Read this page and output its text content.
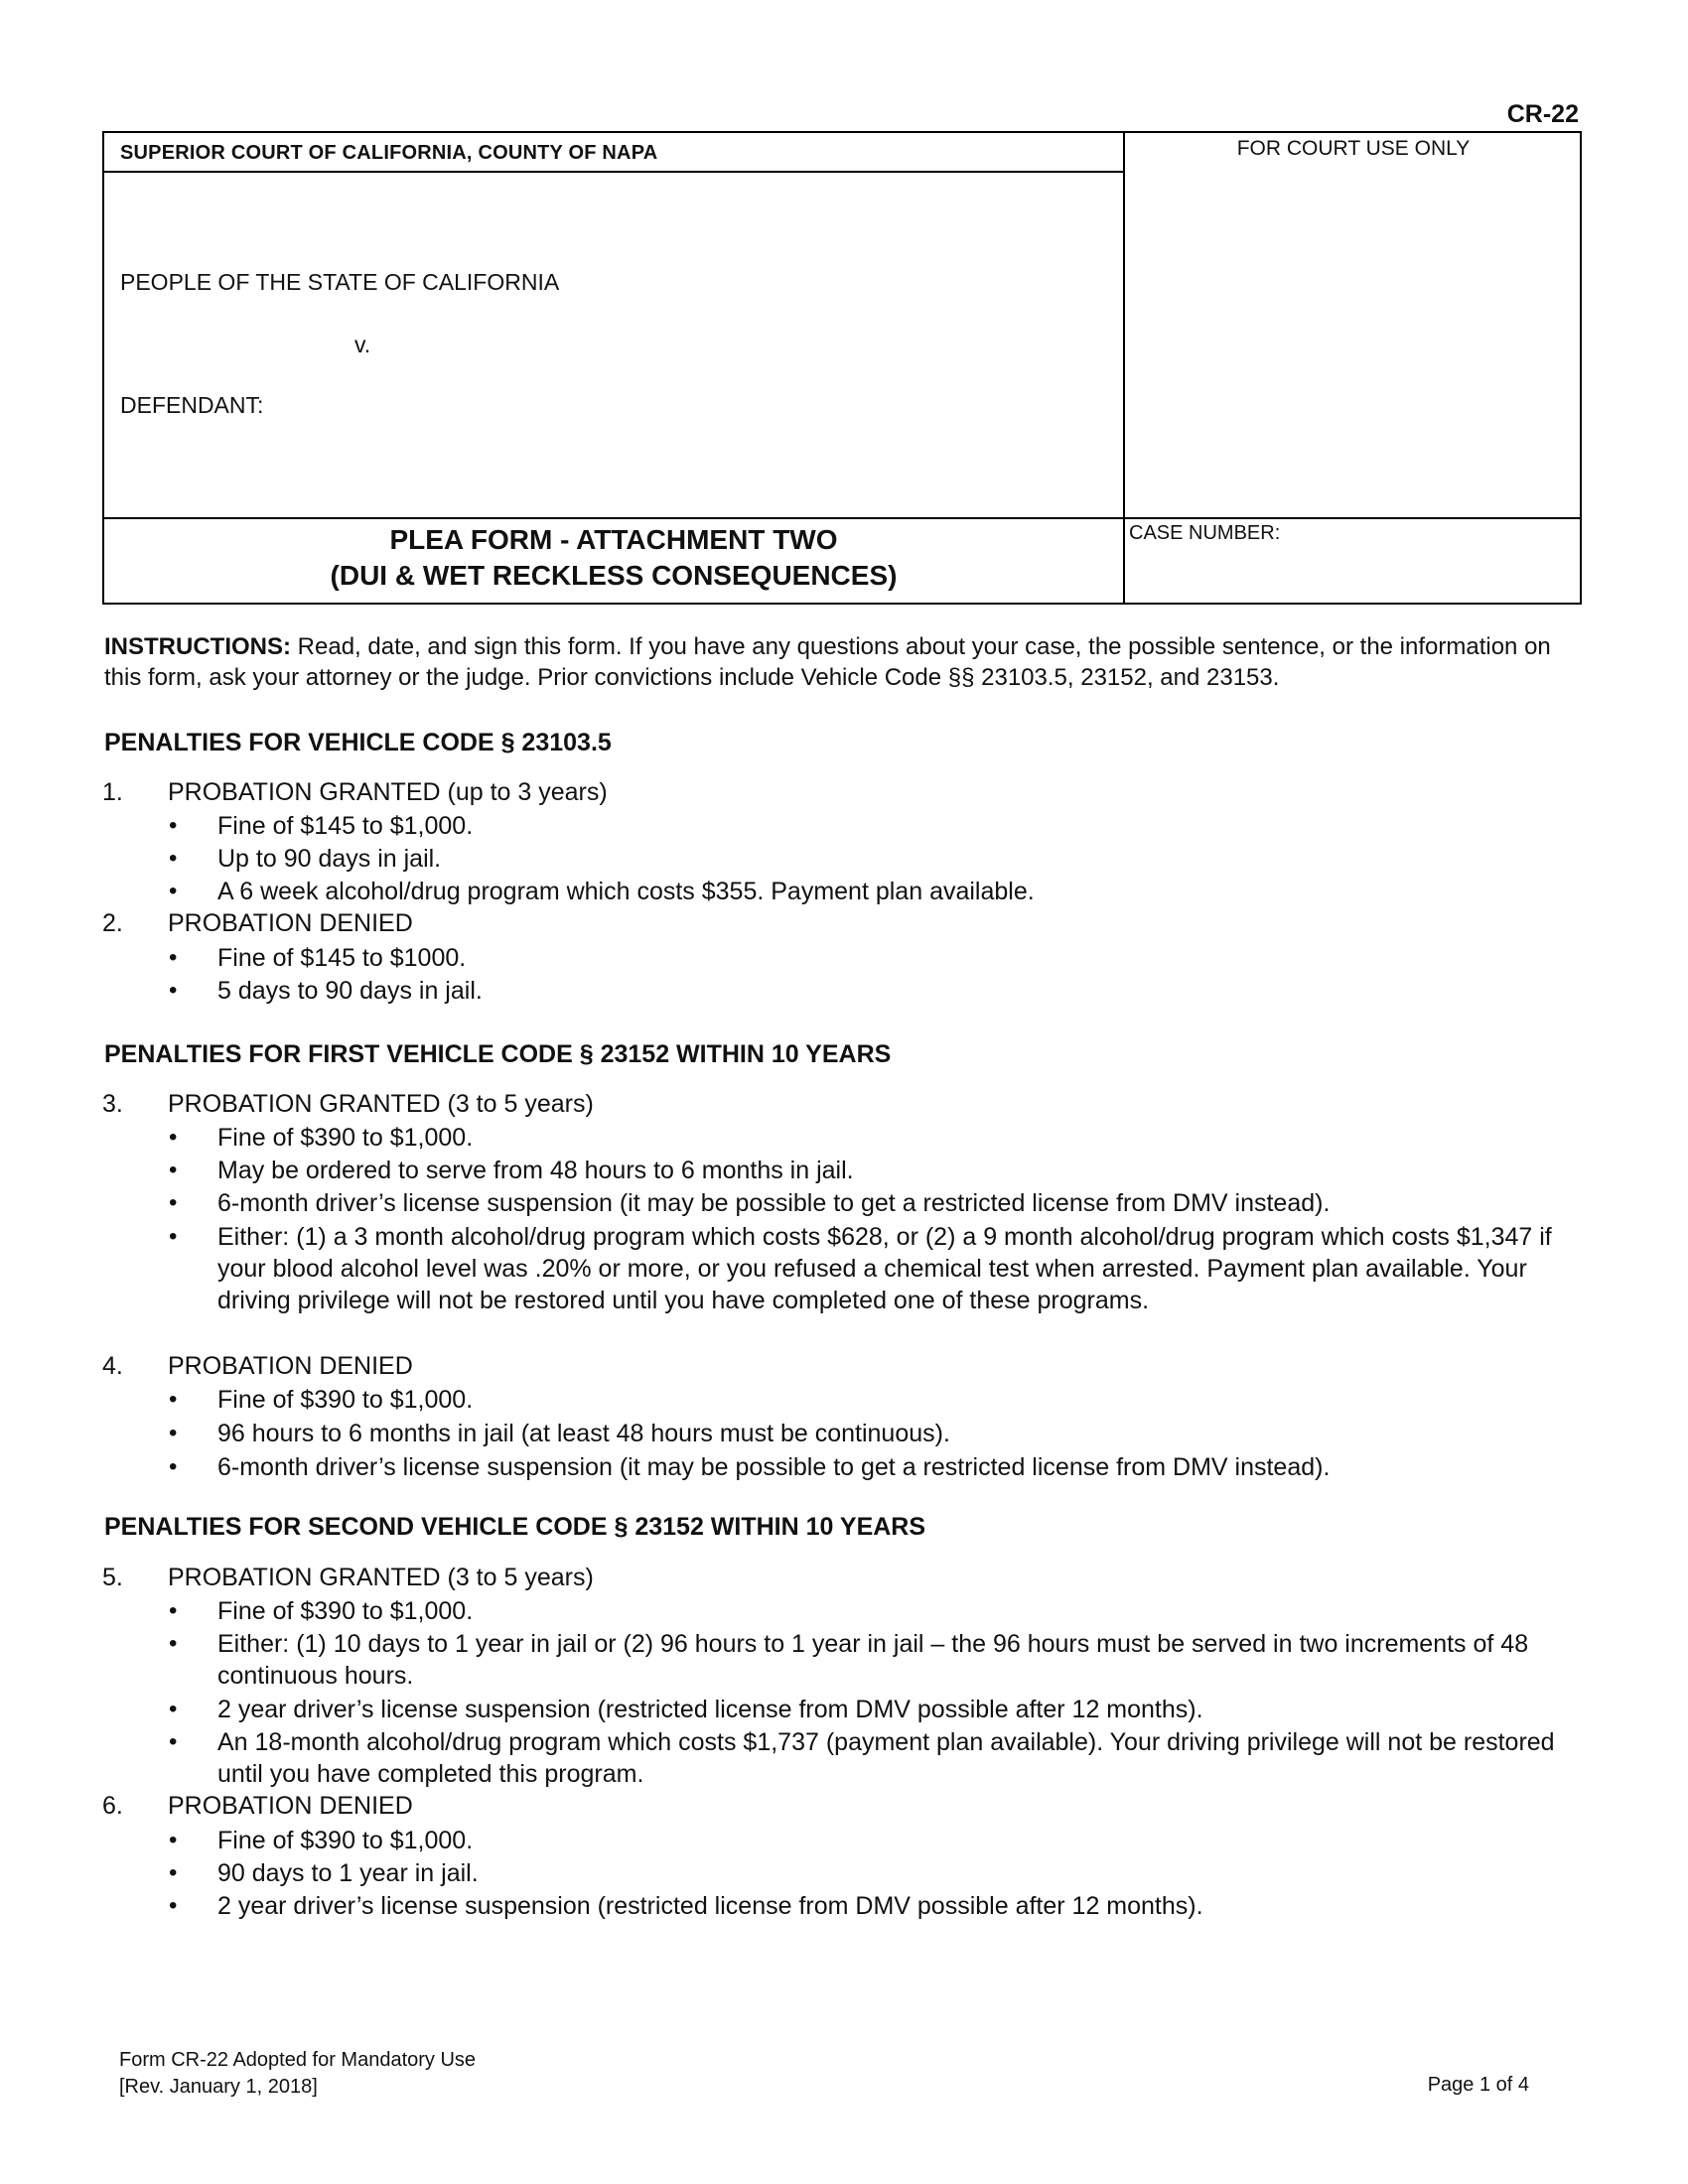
CR-22
SUPERIOR COURT OF CALIFORNIA, COUNTY OF NAPA	FOR COURT USE ONLY
PEOPLE OF THE STATE OF CALIFORNIA
v.
DEFENDANT:
PLEA FORM - ATTACHMENT TWO
(DUI & WET RECKLESS CONSEQUENCES)
CASE NUMBER:
INSTRUCTIONS: Read, date, and sign this form. If you have any questions about your case, the possible sentence, or the information on this form, ask your attorney or the judge. Prior convictions include Vehicle Code §§ 23103.5, 23152, and 23153.
PENALTIES FOR VEHICLE CODE § 23103.5
1. PROBATION GRANTED (up to 3 years)
• Fine of $145 to $1,000.
• Up to 90 days in jail.
• A 6 week alcohol/drug program which costs $355. Payment plan available.
2. PROBATION DENIED
• Fine of $145 to $1000.
• 5 days to 90 days in jail.
PENALTIES FOR FIRST VEHICLE CODE § 23152 WITHIN 10 YEARS
3. PROBATION GRANTED (3 to 5 years)
• Fine of $390 to $1,000.
• May be ordered to serve from 48 hours to 6 months in jail.
• 6-month driver’s license suspension (it may be possible to get a restricted license from DMV instead).
• Either: (1) a 3 month alcohol/drug program which costs $628, or (2) a 9 month alcohol/drug program which costs $1,347 if your blood alcohol level was .20% or more, or you refused a chemical test when arrested. Payment plan available. Your driving privilege will not be restored until you have completed one of these programs.
4. PROBATION DENIED
• Fine of $390 to $1,000.
• 96 hours to 6 months in jail (at least 48 hours must be continuous).
• 6-month driver’s license suspension (it may be possible to get a restricted license from DMV instead).
PENALTIES FOR SECOND VEHICLE CODE § 23152 WITHIN 10 YEARS
5. PROBATION GRANTED (3 to 5 years)
• Fine of $390 to $1,000.
• Either: (1) 10 days to 1 year in jail or (2) 96 hours to 1 year in jail – the 96 hours must be served in two increments of 48 continuous hours.
• 2 year driver’s license suspension (restricted license from DMV possible after 12 months).
• An 18-month alcohol/drug program which costs $1,737 (payment plan available). Your driving privilege will not be restored until you have completed this program.
6. PROBATION DENIED
• Fine of $390 to $1,000.
• 90 days to 1 year in jail.
• 2 year driver’s license suspension (restricted license from DMV possible after 12 months).
Form CR-22 Adopted for Mandatory Use
[Rev. January 1, 2018]	Page 1 of 4
